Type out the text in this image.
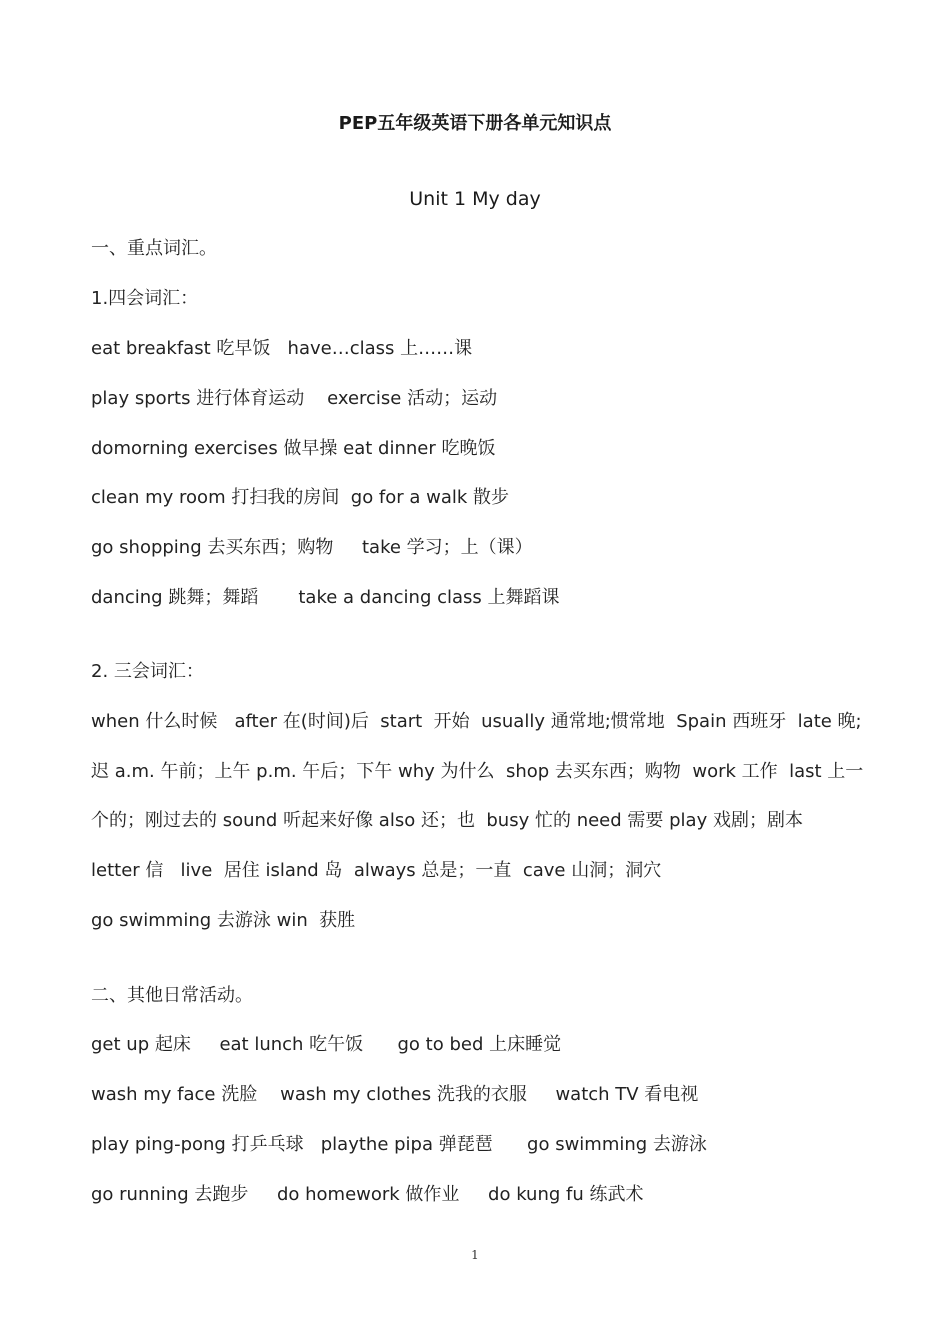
PEP五年级英语下册各单元知识点
Unit 1 My day
一、重点词汇。
1.四会词汇：
eat breakfast 吃早饭   have…class 上……课
play sports 进行体育运动    exercise 活动；运动
domorning exercises 做早操 eat dinner 吃晚饭
clean my room 打扫我的房间  go for a walk 散步
go shopping 去买东西；购物     take 学习；上（课）
dancing 跳舞；舞蹈       take a dancing class 上舞蹈课
2. 三会词汇：
when 什么时候   after 在(时间)后  start  开始  usually 通常地;惯常地  Spain 西班牙  late 晚;
迟 a.m. 午前；上午 p.m. 午后；下午 why 为什么  shop 去买东西；购物  work 工作  last 上一
个的；刚过去的 sound 听起来好像 also 还；也  busy 忙的 need 需要 play 戏剧；剧本
letter 信   live  居住 island 岛  always 总是；一直  cave 山洞；洞穴
go swimming 去游泳 win  获胜
二、其他日常活动。
get up 起床     eat lunch 吃午饭      go to bed 上床睡觉
wash my face 洗脸    wash my clothes 洗我的衣服     watch TV 看电视
play ping-pong 打乒乓球   playthe pipa 弹琵琶      go swimming 去游泳
go running 去跑步     do homework 做作业     do kung fu 练武术
1
